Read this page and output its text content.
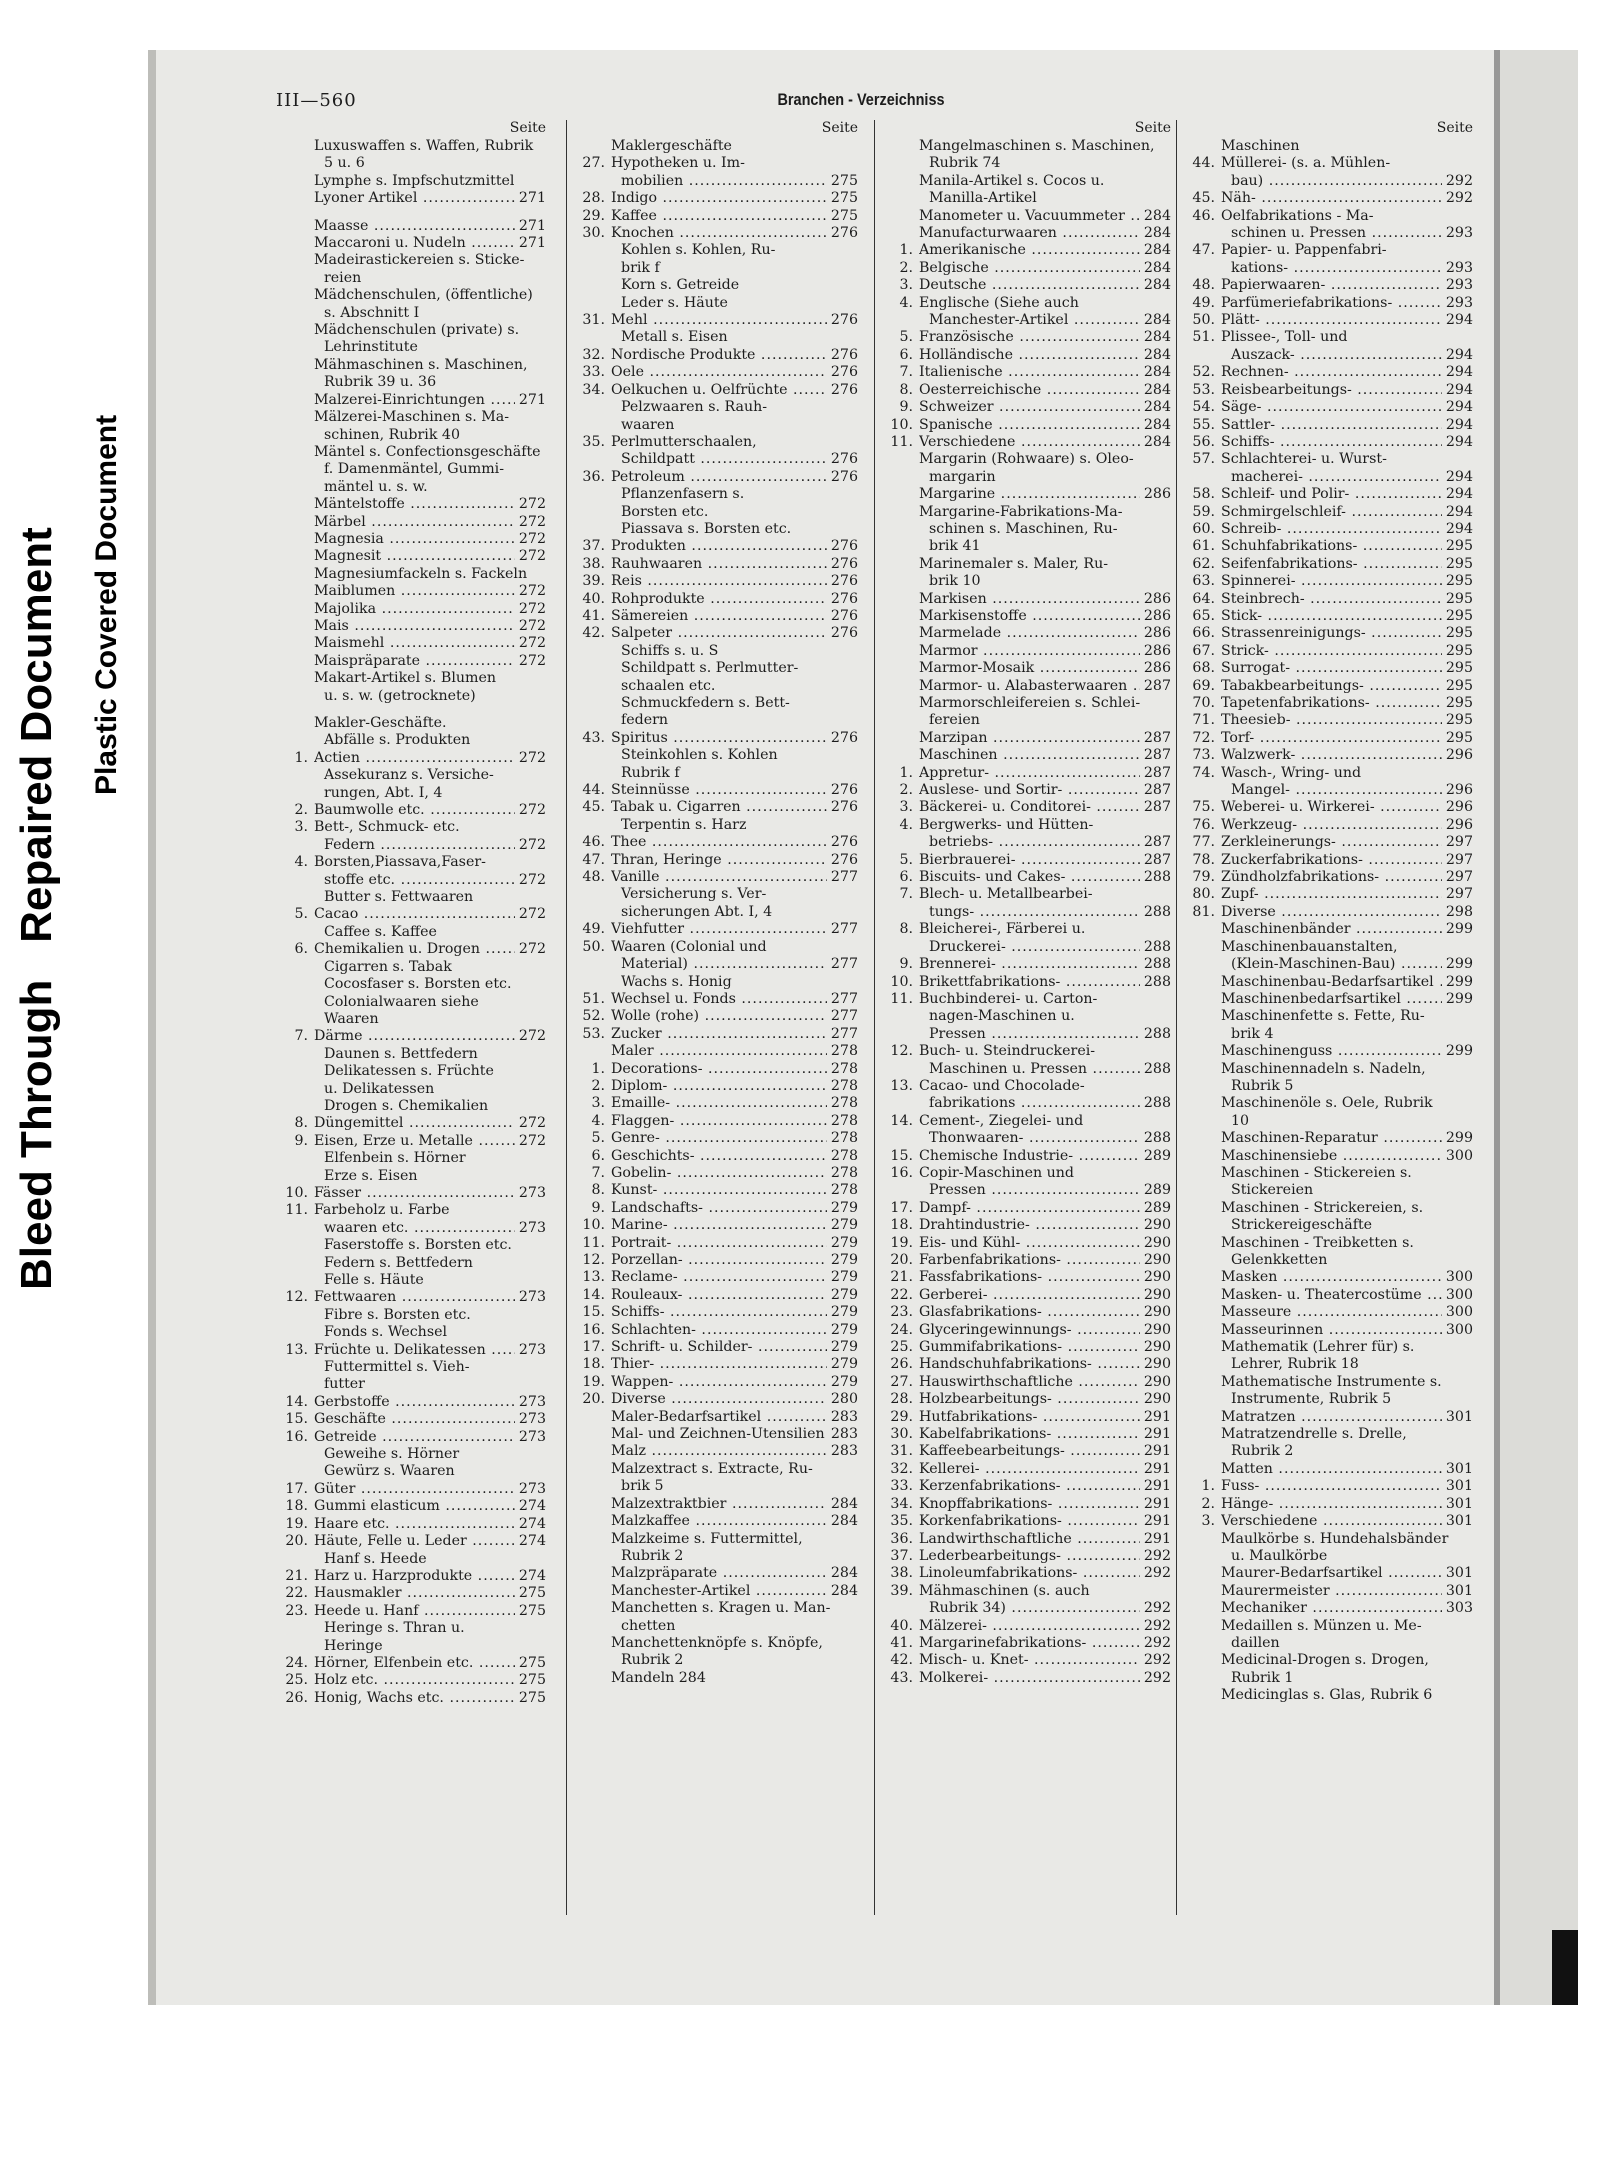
Bleed Through   Repaired Document Plastic Covered Document
Branchen - Verzeichniss
III—560
Seite
Luxuswaffen s. Waffen, Rubrik
5 u. 6
Lymphe s. Impfschutzmittel
Lyoner Artikel .....	271
Maasse .....	271
Maccaroni u. Nudeln .....	271
Madeirastickereien s. Sticke-
reien
Mädchenschulen, (öffentliche)
s. Abschnitt I
Mädchenschulen (private) s.
Lehrinstitute
Mähmaschinen s. Maschinen,
Rubrik 39 u. 36
Malzerei-Einrichtungen .....	271
Mälzerei-Maschinen s. Ma-
schinen, Rubrik 40
Mäntel s. Confectionsgeschäfte
f. Damenmäntel, Gummi-
mäntel u. s. w.
Mäntelstoffe .....	272
Märbel .....	272
Magnesia .....	272
Magnesit .....	272
Magnesiumfackeln s. Fackeln
Maiblumen .....	272
Majolika .....	272
Mais .....	272
Maismehl .....	272
Maispräparate .....	272
Makart-Artikel s. Blumen
u. s. w. (getrocknete)
Makler-Geschäfte.
Abfälle s. Produkten
1. Actien .....	272
Assekuranz s. Versiche-
rungen, Abt. I, 4
2. Baumwolle etc. .....	272
3. Bett-, Schmuck- etc.
Federn .....	272
4. Borsten,Piassava,Faser-
stoffe etc. .....	272
Butter s. Fettwaaren
5. Cacao .....	272
Caffee s. Kaffee
6. Chemikalien u. Drogen .....	272
Cigarren s. Tabak
Cocosfaser s. Borsten etc.
Colonialwaaren siehe
Waaren
7. Därme .....	272
Daunen s. Bettfedern
Delikatessen s. Früchte
u. Delikatessen
Drogen s. Chemikalien
8. Düngemittel .....	272
9. Eisen, Erze u. Metalle .....	272
Elfenbein s. Hörner
Erze s. Eisen
10. Fässer .....	273
11. Farbeholz u. Farbe
waaren etc. .....	273
Faserstoffe s. Borsten etc.
Federn s. Bettfedern
Felle s. Häute
12. Fettwaaren .....	273
Fibre s. Borsten etc.
Fonds s. Wechsel
13. Früchte u. Delikatessen .....	273
Futtermittel s. Vieh-
futter
14. Gerbstoffe .....	273
15. Geschäfte .....	273
16. Getreide .....	273
Geweihe s. Hörner
Gewürz s. Waaren
17. Güter .....	273
18. Gummi elasticum .....	274
19. Haare etc. .....	274
20. Häute, Felle u. Leder .....	274
Hanf s. Heede
21. Harz u. Harzprodukte .....	274
22. Hausmakler .....	275
23. Heede u. Hanf .....	275
Heringe s. Thran u.
Heringe
24. Hörner, Elfenbein etc. .....	275
25. Holz etc. .....	275
26. Honig, Wachs etc. .....	275
Seite
Maklergeschäfte
27. Hypotheken u. Im-
mobilien .....	275
28. Indigo .....	275
29. Kaffee .....	275
30. Knochen .....	276
Kohlen s. Kohlen, Ru-
brik f
Korn s. Getreide
Leder s. Häute
31. Mehl .....	276
Metall s. Eisen
32. Nordische Produkte .....	276
33. Oele .....	276
34. Oelkuchen u. Oelfrüchte .....	276
Pelzwaaren s. Rauh-
waaren
35. Perlmutterschaalen,
Schildpatt .....	276
36. Petroleum .....	276
Pflanzenfasern s.
Borsten etc.
Piassava s. Borsten etc.
37. Produkten .....	276
38. Rauhwaaren .....	276
39. Reis .....	276
40. Rohprodukte .....	276
41. Sämereien .....	276
42. Salpeter .....	276
Schiffs s. u. S
Schildpatt s. Perlmutter-
schaalen etc.
Schmuckfedern s. Bett-
federn
43. Spiritus .....	276
Steinkohlen s. Kohlen
Rubrik f
44. Steinnüsse .....	276
45. Tabak u. Cigarren .....	276
Terpentin s. Harz
46. Thee .....	276
47. Thran, Heringe .....	276
48. Vanille .....	277
Versicherung s. Ver-
sicherungen Abt. I, 4
49. Viehfutter .....	277
50. Waaren (Colonial und
Material) .....	277
Wachs s. Honig
51. Wechsel u. Fonds .....	277
52. Wolle (rohe) .....	277
53. Zucker .....	277
Maler .....	278
1. Decorations- .....	278
2. Diplom- .....	278
3. Emaille- .....	278
4. Flaggen- .....	278
5. Genre- .....	278
6. Geschichts- .....	278
7. Gobelin- .....	278
8. Kunst- .....	278
9. Landschafts- .....	279
10. Marine- .....	279
11. Portrait- .....	279
12. Porzellan- .....	279
13. Reclame- .....	279
14. Rouleaux- .....	279
15. Schiffs- .....	279
16. Schlachten- .....	279
17. Schrift- u. Schilder- .....	279
18. Thier- .....	279
19. Wappen- .....	279
20. Diverse .....	280
Maler-Bedarfsartikel .....	283
Mal- und Zeichnen-Utensilien ..... 283
Malz .....	283
Malzextract s. Extracte, Ru-
brik 5
Malzextraktbier .....	284
Malzkaffee .....	284
Malzkeime s. Futtermittel,
Rubrik 2
Malzpräparate .....	284
Manchester-Artikel .....	284
Manchetten s. Kragen u. Man-
chetten
Manchettenknöpfe s. Knöpfe,
Rubrik 2
Mandeln 284
Seite
Mangelmaschinen s. Maschinen,
Rubrik 74
Manila-Artikel s. Cocos u.
Manilla-Artikel
Manometer u. Vacuummeter .....	284
Manufacturwaaren .....	284
1. Amerikanische .....	284
2. Belgische .....	284
3. Deutsche .....	284
4. Englische (Siehe auch
Manchester-Artikel .....	284
5. Französische .....	284
6. Holländische .....	284
7. Italienische .....	284
8. Oesterreichische .....	284
9. Schweizer .....	284
10. Spanische .....	284
11. Verschiedene .....	284
Margarin (Rohwaare) s. Oleo-
margarin
Margarine .....	286
Margarine-Fabrikations-Ma-
schinen s. Maschinen, Ru-
brik 41
Marinemaler s. Maler, Ru-
brik 10
Markisen .....	286
Markisenstoffe .....	286
Marmelade .....	286
Marmor .....	286
Marmor-Mosaik .....	286
Marmor- u. Alabasterwaaren .....	287
Marmorschleifereien s. Schlei-
fereien
Marzipan .....	287
Maschinen .....	287
1. Appretur- .....	287
2. Auslese- und Sortir- .....	287
3. Bäckerei- u. Conditorei- .....	287
4. Bergwerks- und Hütten-
betriebs- .....	287
5. Bierbrauerei- .....	287
6. Biscuits- und Cakes- .....	288
7. Blech- u. Metallbearbei-
tungs- .....	288
8. Bleicherei-, Färberei u.
Druckerei- .....	288
9. Brennerei- .....	288
10. Brikettfabrikations- .....	288
11. Buchbinderei- u. Carton-
nagen-Maschinen u.
Pressen .....	288
12. Buch- u. Steindruckerei-
Maschinen u. Pressen .....	288
13. Cacao- und Chocolade-
fabrikations .....	288
14. Cement-, Ziegelei- und
Thonwaaren- .....	288
15. Chemische Industrie- .....	289
16. Copir-Maschinen und
Pressen .....	289
17. Dampf- .....	289
18. Drahtindustrie- .....	290
19. Eis- und Kühl- .....	290
20. Farbenfabrikations- .....	290
21. Fassfabrikations- .....	290
22. Gerberei- .....	290
23. Glasfabrikations- .....	290
24. Glyceringewinnungs- .....	290
25. Gummifabrikations- .....	290
26. Handschuhfabrikations- .....	290
27. Hauswirthschaftliche .....	290
28. Holzbearbeitungs- .....	290
29. Hutfabrikations- .....	291
30. Kabelfabrikations- .....	291
31. Kaffeebearbeitungs- .....	291
32. Kellerei- .....	291
33. Kerzenfabrikations- .....	291
34. Knopffabrikations- .....	291
35. Korkenfabrikations- .....	291
36. Landwirthschaftliche .....	291
37. Lederbearbeitungs- .....	292
38. Linoleumfabrikations- .....	292
39. Mähmaschinen (s. auch
Rubrik 34) .....	292
40. Mälzerei- .....	292
41. Margarinefabrikations- .....	292
42. Misch- u. Knet- .....	292
43. Molkerei- .....	292
Seite
Maschinen
44. Müllerei- (s. a. Mühlen-
bau) .....	292
45. Näh- .....	292
46. Oelfabrikations - Ma-
schinen u. Pressen .....	293
47. Papier- u. Pappenfabri-
kations- .....	293
48. Papierwaaren- .....	293
49. Parfümeriefabrikations- .....	293
50. Plätt- .....	294
51. Plissee-, Toll- und
Auszack- .....	294
52. Rechnen- .....	294
53. Reisbearbeitungs- .....	294
54. Säge- .....	294
55. Sattler- .....	294
56. Schiffs- .....	294
57. Schlachterei- u. Wurst-
macherei- .....	294
58. Schleif- und Polir- .....	294
59. Schmirgelschleif- .....	294
60. Schreib- .....	294
61. Schuhfabrikations- .....	295
62. Seifenfabrikations- .....	295
63. Spinnerei- .....	295
64. Steinbrech- .....	295
65. Stick- .....	295
66. Strassenreinigungs- .....	295
67. Strick- .....	295
68. Surrogat- .....	295
69. Tabakbearbeitungs- .....	295
70. Tapetenfabrikations- .....	295
71. Theesieb- .....	295
72. Torf- .....	295
73. Walzwerk- .....	296
74. Wasch-, Wring- und
Mangel- .....	296
75. Weberei- u. Wirkerei- .....	296
76. Werkzeug- .....	296
77. Zerkleinerungs- .....	297
78. Zuckerfabrikations- .....	297
79. Zündholzfabrikations- .....	297
80. Zupf- .....	297
81. Diverse .....	298
Maschinenbänder .....	299
Maschinenbauanstalten,
(Klein-Maschinen-Bau) .....	299
Maschinenbau-Bedarfsartikel ..... 299
Maschinenbedarfsartikel .....	299
Maschinenfette s. Fette, Ru-
brik 4
Maschinenguss .....	299
Maschinennadeln s. Nadeln,
Rubrik 5
Maschinenöle s. Oele, Rubrik
10
Maschinen-Reparatur .....	299
Maschinensiebe .....	300
Maschinen - Stickereien s.
Stickereien
Maschinen - Strickereien, s.
Strickereigeschäfte
Maschinen - Treibketten s.
Gelenkketten
Masken .....	300
Masken- u. Theatercostüme .....	300
Masseure .....	300
Masseurinnen .....	300
Mathematik (Lehrer für) s.
Lehrer, Rubrik 18
Mathematische Instrumente s.
Instrumente, Rubrik 5
Matratzen .....	301
Matratzendrelle s. Drelle,
Rubrik 2
Matten .....	301
1. Fuss- .....	301
2. Hänge- .....	301
3. Verschiedene .....	301
Maulkörbe s. Hundehalsbänder
u. Maulkörbe
Maurer-Bedarfsartikel .....	301
Maurermeister .....	301
Mechaniker .....	303
Medaillen s. Münzen u. Me-
daillen
Medicinal-Drogen s. Drogen,
Rubrik 1
Medicinglas s. Glas, Rubrik 6
